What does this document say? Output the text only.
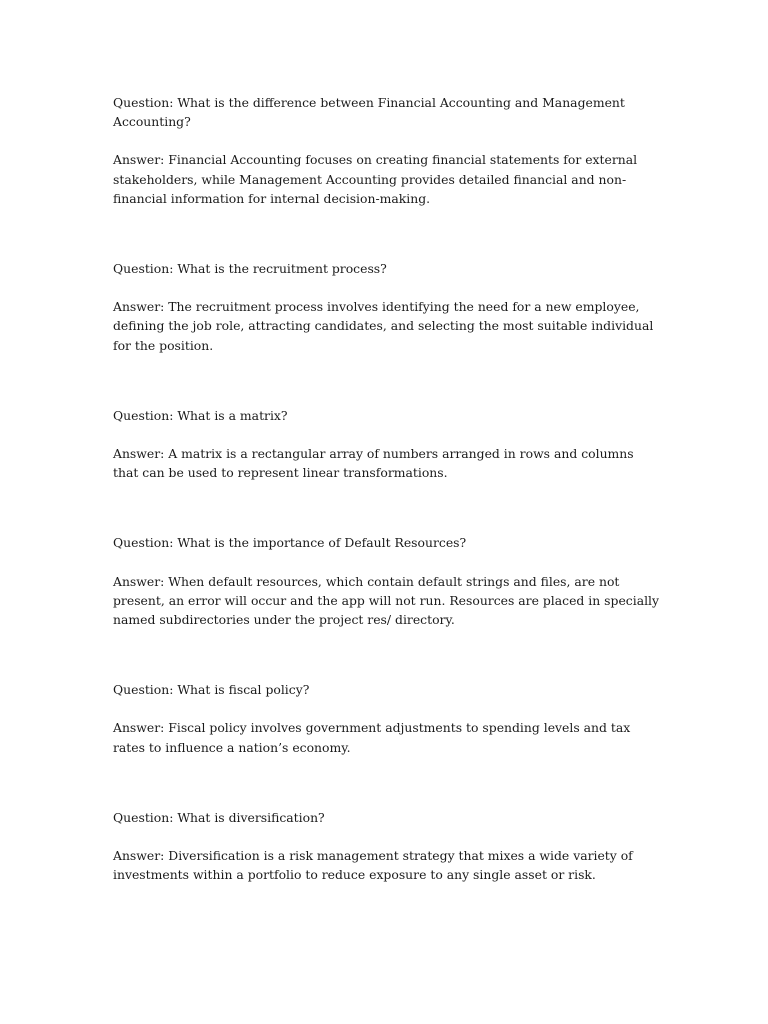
Question: What is the difference between Financial Accounting and Management Accounting?

Answer: Financial Accounting focuses on creating financial statements for external stakeholders, while Management Accounting provides detailed financial and non-financial information for internal decision-making.

Question: What is the recruitment process?

Answer: The recruitment process involves identifying the need for a new employee, defining the job role, attracting candidates, and selecting the most suitable individual for the position.

Question: What is a matrix?

Answer: A matrix is a rectangular array of numbers arranged in rows and columns that can be used to represent linear transformations.

Question: What is the importance of Default Resources?

Answer: When default resources, which contain default strings and files, are not present, an error will occur and the app will not run. Resources are placed in specially named subdirectories under the project res/ directory.

Question: What is fiscal policy?

Answer: Fiscal policy involves government adjustments to spending levels and tax rates to influence a nation’s economy.

Question: What is diversification?

Answer: Diversification is a risk management strategy that mixes a wide variety of investments within a portfolio to reduce exposure to any single asset or risk.
